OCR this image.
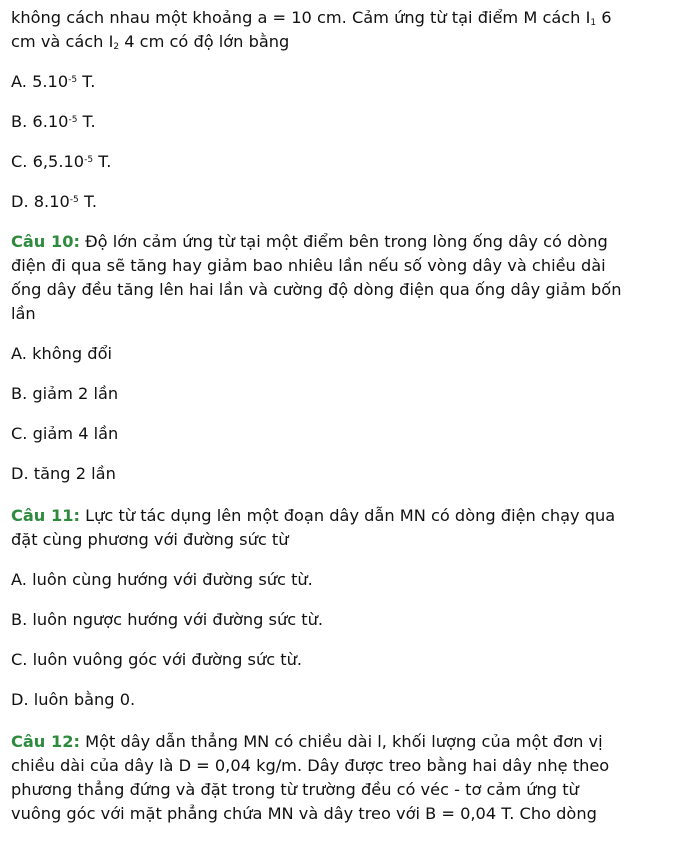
không cách nhau một khoảng a = 10 cm. Cảm ứng từ tại điểm M cách $I_1$ 6

cm và cách $I_2$ 4 cm có độ lớn bằng

A. $5.10^{-5}$ T.

B. $6.10^{-5}$ T.

C. $6,5.10^{-5}$ T.

D. $8.10^{-5}$ T.

Câu 10: Độ lớn cảm ứng từ tại một điểm bên trong lòng ống dây có dòng điện đi qua sẽ tăng hay giảm bao nhiêu lần nếu số vòng dây và chiều dài ống dây đều tăng lên hai lần và cường độ dòng điện qua ống dây giảm bốn lần

A. không đổi

B. giảm 2 lần

C. giảm 4 lần

D. tăng 2 lần

Câu 11: Lực từ tác dụng lên một đoạn dây dẫn MN có dòng điện chạy qua đặt cùng phương với đường sức từ

A. luôn cùng hướng với đường sức từ.

B. luôn ngược hướng với đường sức từ.

C. luôn vuông góc với đường sức từ.

D. luôn bằng 0.

Câu 12: Một dây dẫn thẳng MN có chiều dài l, khối lượng của một đơn vị chiều dài của dây là D = 0,04 kg/m. Dây được treo bằng hai dây nhẹ theo phương thẳng đứng và đặt trong từ trường đều có véc - tơ cảm ứng từ vuông góc với mặt phẳng chứa MN và dây treo với B = 0,04 T. Cho dòng
